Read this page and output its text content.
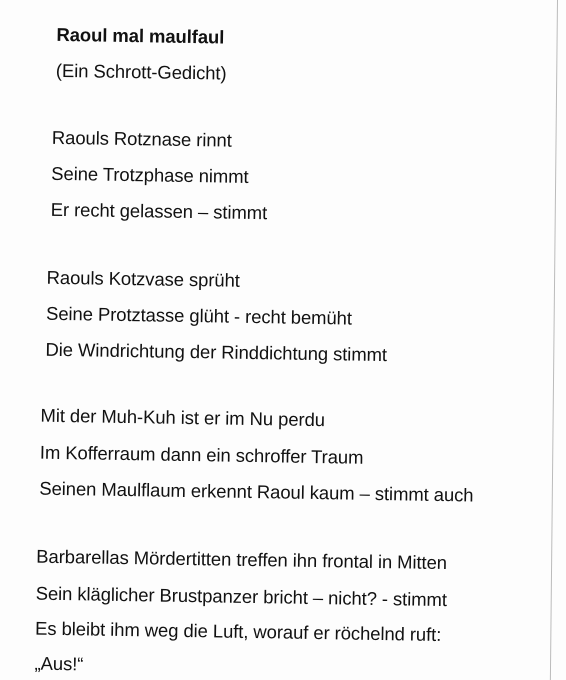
Raoul mal maulfaul
(Ein Schrott-Gedicht)
Raouls Rotznase rinnt
Seine Trotzphase nimmt
Er recht gelassen – stimmt
Raouls Kotzvase sprüht
Seine Protztasse glüht - recht bemüht
Die Windrichtung der Rinddichtung stimmt
Mit der Muh-Kuh ist er im Nu perdu
Im Kofferraum dann ein schroffer Traum
Seinen Maulflaum erkennt Raoul kaum – stimmt auch
Barbarellas Mördertitten treffen ihn frontal in Mitten
Sein kläglicher Brustpanzer bricht – nicht? - stimmt
Es bleibt ihm weg die Luft, worauf er röchelnd ruft:
„Aus!“
